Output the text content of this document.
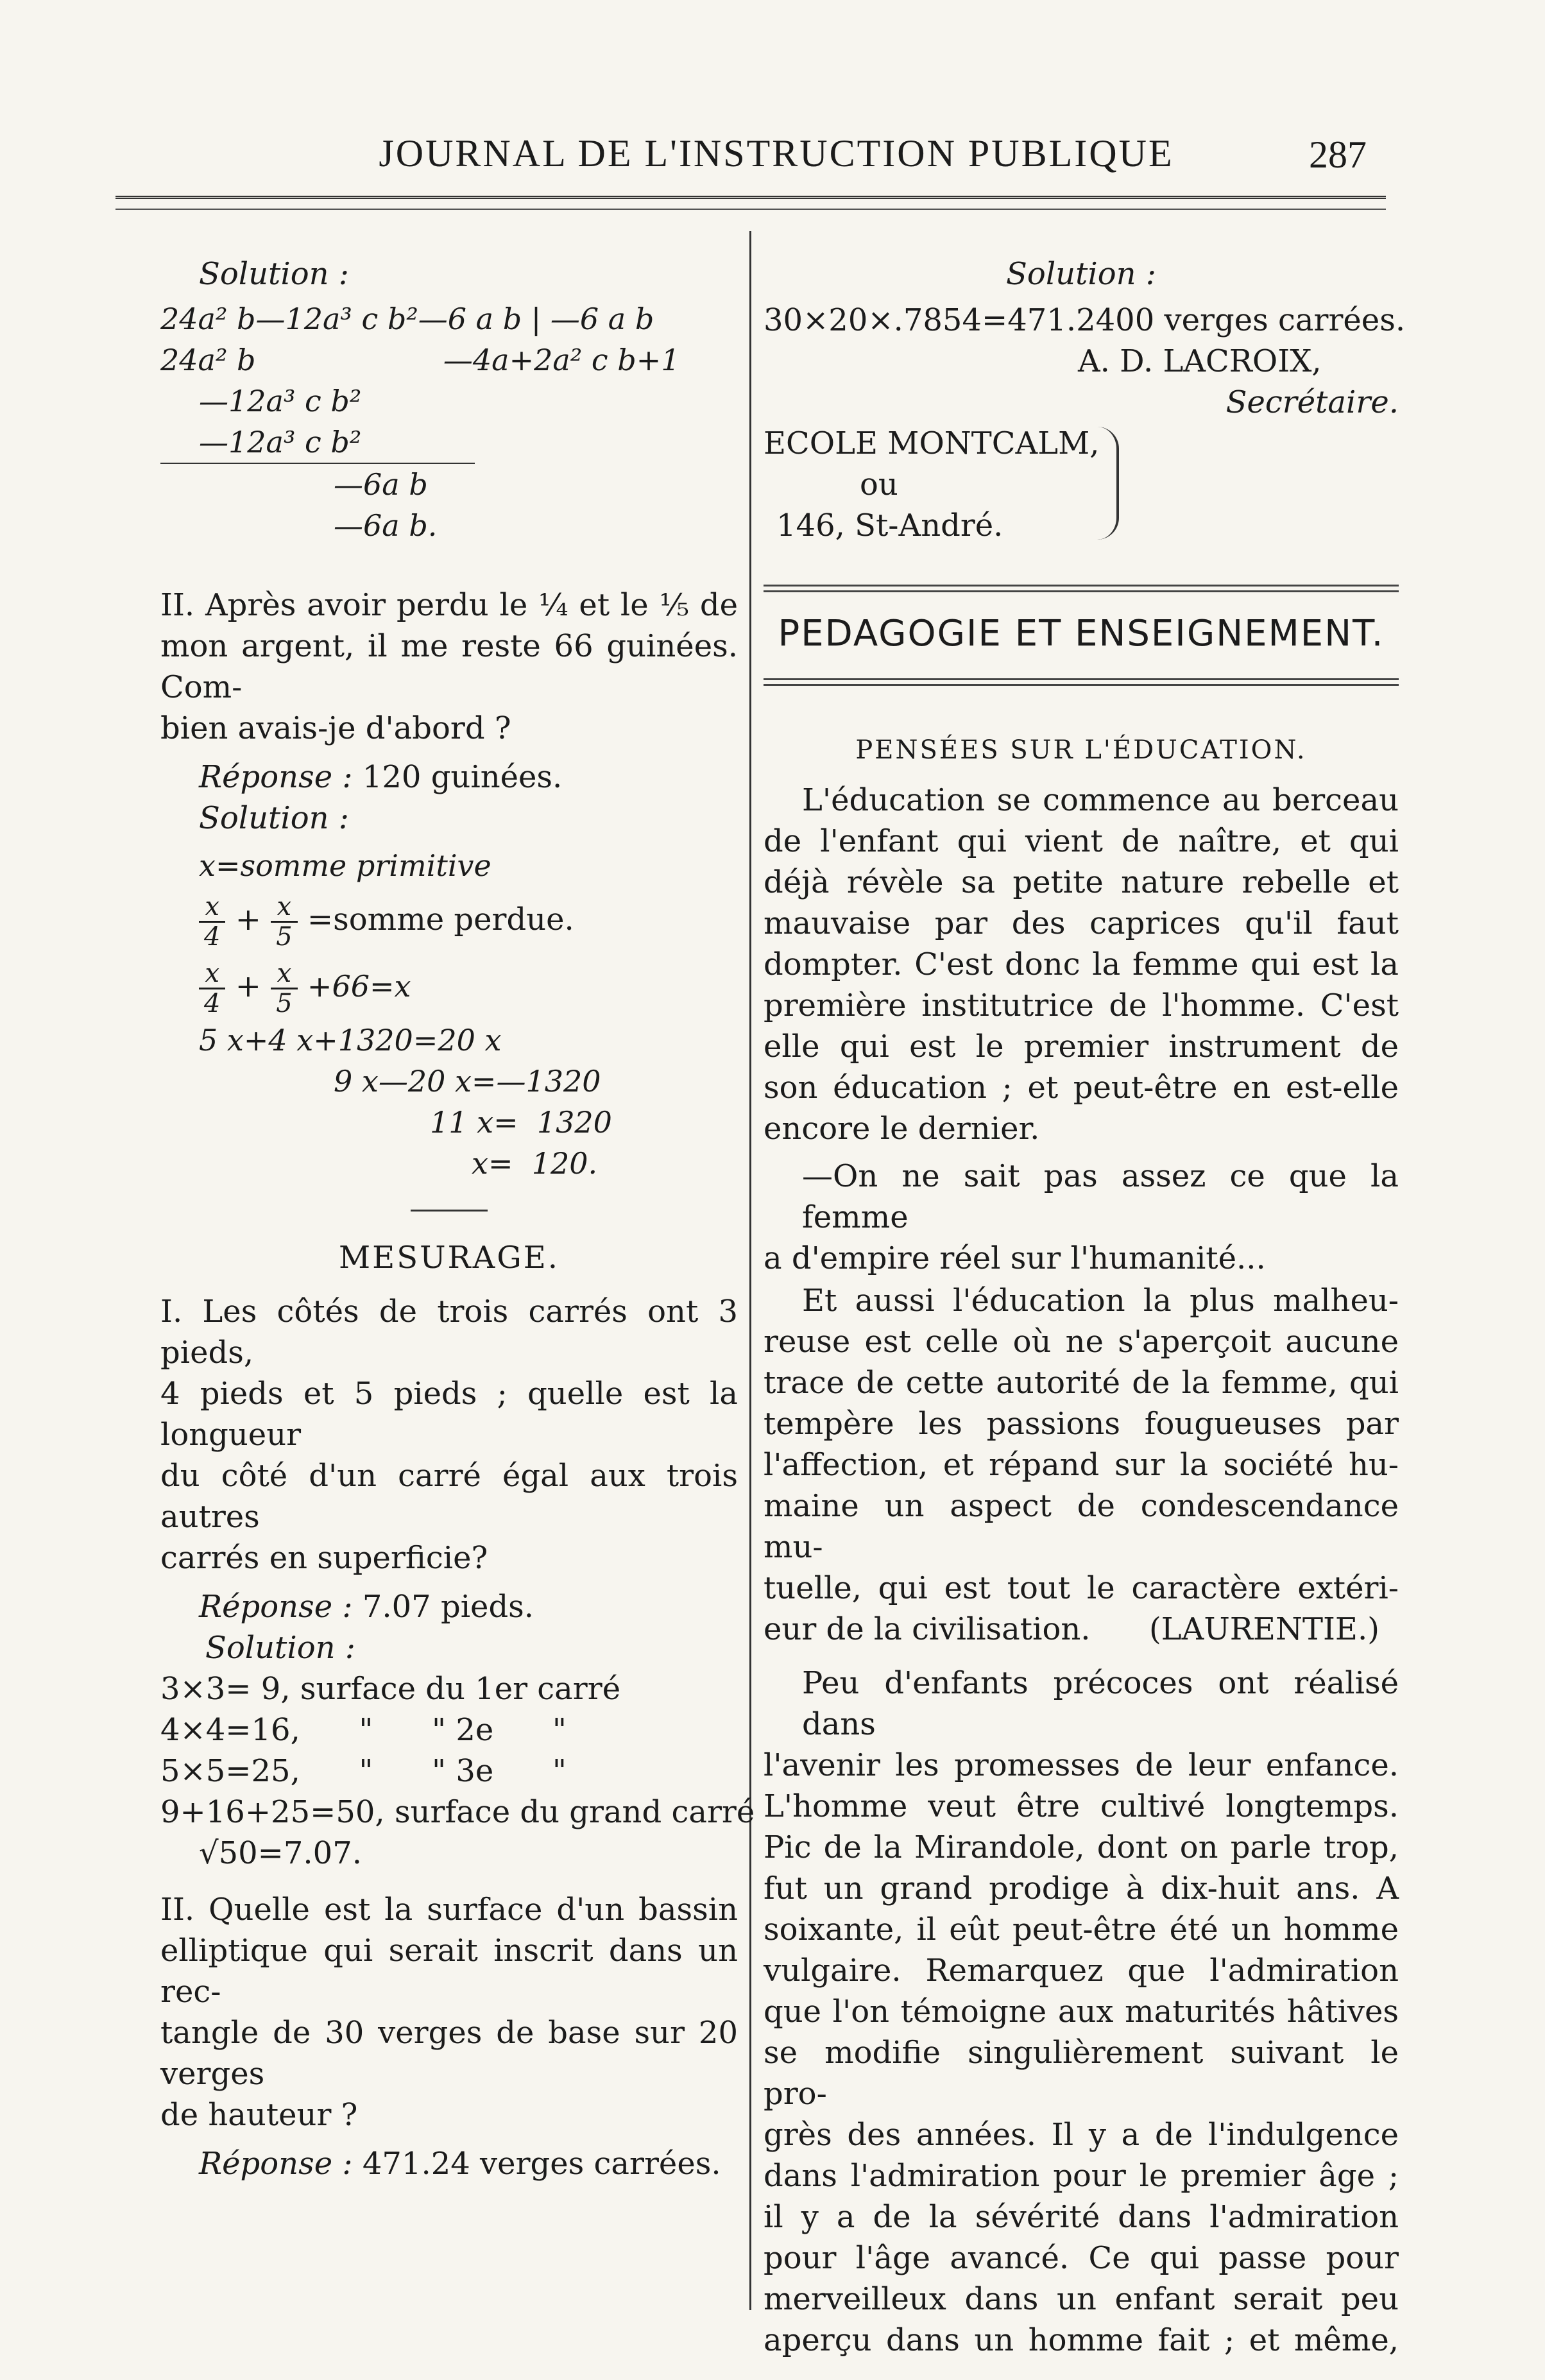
JOURNAL DE L'INSTRUCTION PUBLIQUE	287
Solution :
24a² b—12a³ c b²—6 a b | —6 a b
24a² b                    —4a+2a² c b+1
—12a³ c b²
—12a³ c b²
—6a b
—6a b.
II. Après avoir perdu le ¼ et le ⅕ de
mon argent, il me reste 66 guinées. Com-
bien avais-je d'abord ?
Réponse : 120 guinées.
Solution :
x=somme primitive
$\frac{x}{4} + \frac{x}{5}$ =somme perdue.
$\frac{x}{4} + \frac{x}{5} +66=x$
5 x+4 x+1320=20 x
9 x—20 x=—1320
11 x=  1320
x=  120.
MESURAGE.
I. Les côtés de trois carrés ont 3 pieds,
4 pieds et 5 pieds ; quelle est la longueur
du côté d'un carré égal aux trois autres
carrés en superficie?
Réponse : 7.07 pieds.
Solution :
3×3= 9, surface du 1er carré
4×4=16,      "      " 2e      "
5×5=25,      "      " 3e      "
9+16+25=50, surface du grand carré
√50=7.07.
II. Quelle est la surface d'un bassin
elliptique qui serait inscrit dans un rec-
tangle de 30 verges de base sur 20 verges
de hauteur ?
Réponse : 471.24 verges carrées.
Solution :
30×20×.7854=471.2400 verges carrées.
A. D. LACROIX,
Secrétaire.
ECOLE MONTCALM,
ou
146, St-André.
PEDAGOGIE ET ENSEIGNEMENT.
PENSÉES SUR L'ÉDUCATION.
L'éducation se commence au berceau
de l'enfant qui vient de naître, et qui
déjà révèle sa petite nature rebelle et
mauvaise par des caprices qu'il faut
dompter. C'est donc la femme qui est la
première institutrice de l'homme. C'est
elle qui est le premier instrument de
son éducation ; et peut-être en est-elle
encore le dernier.
—On ne sait pas assez ce que la femme
a d'empire réel sur l'humanité...
Et aussi l'éducation la plus malheu-
reuse est celle où ne s'aperçoit aucune
trace de cette autorité de la femme, qui
tempère les passions fougueuses par
l'affection, et répand sur la société hu-
maine un aspect de condescendance mu-
tuelle, qui est tout le caractère extéri-
eur de la civilisation.      (LAURENTIE.)
Peu d'enfants précoces ont réalisé dans
l'avenir les promesses de leur enfance.
L'homme veut être cultivé longtemps.
Pic de la Mirandole, dont on parle trop,
fut un grand prodige à dix-huit ans. A
soixante, il eût peut-être été un homme
vulgaire. Remarquez que l'admiration
que l'on témoigne aux maturités hâtives
se modifie singulièrement suivant le pro-
grès des années. Il y a de l'indulgence
dans l'admiration pour le premier âge ;
il y a de la sévérité dans l'admiration
pour l'âge avancé. Ce qui passe pour
merveilleux dans un enfant serait peu
aperçu dans un homme fait ; et même,
